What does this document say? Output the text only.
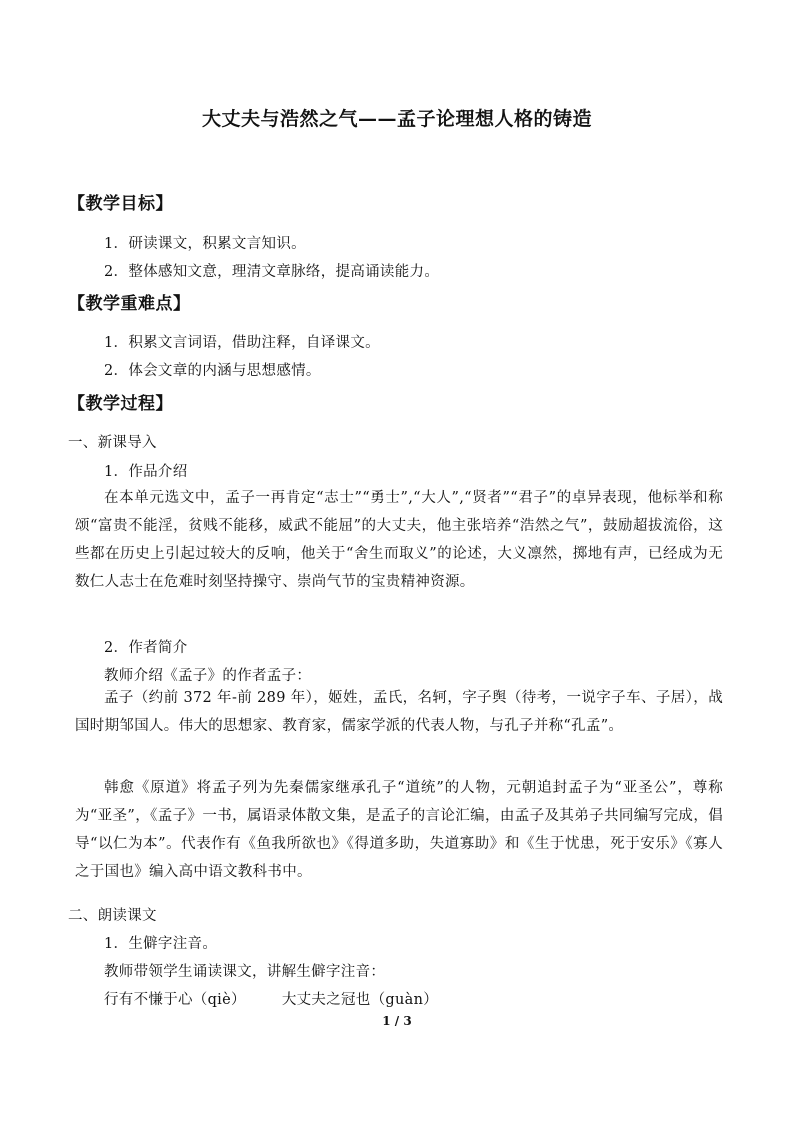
大丈夫与浩然之气——孟子论理想人格的铸造
【教学目标】
1．研读课文，积累文言知识。
2．整体感知文意，理清文章脉络，提高诵读能力。
【教学重难点】
1．积累文言词语，借助注释，自译课文。
2．体会文章的内涵与思想感情。
【教学过程】
一、新课导入
1．作品介绍
在本单元选文中，孟子一再肯定“志士”“勇士”,“大人”,“贤者”“君子”的卓异表现，他标举和称颂“富贵不能淫，贫贱不能移，威武不能屈”的大丈夫，他主张培养“浩然之气”，鼓励超拔流俗，这些都在历史上引起过较大的反响，他关于“舍生而取义”的论述，大义凛然，掷地有声，已经成为无数仁人志士在危难时刻坚持操守、崇尚气节的宝贵精神资源。
2．作者简介
教师介绍《孟子》的作者孟子：
孟子（约前 372 年-前 289 年），姬姓，孟氏，名轲，字子舆（待考，一说字子车、子居），战国时期邹国人。伟大的思想家、教育家，儒家学派的代表人物，与孔子并称“孔孟”。
韩愈《原道》将孟子列为先秦儒家继承孔子“道统”的人物，元朝追封孟子为“亚圣公”，尊称为“亚圣”，《孟子》一书，属语录体散文集，是孟子的言论汇编，由孟子及其弟子共同编写完成，倡导“以仁为本”。代表作有《鱼我所欲也》《得道多助，失道寡助》和《生于忧患，死于安乐》《寡人之于国也》编入高中语文教科书中。
二、朗读课文
1．生僻字注音。
教师带领学生诵读课文，讲解生僻字注音：
行有不慊于心（qiè） 大丈夫之冠也（guàn）
1 / 3
